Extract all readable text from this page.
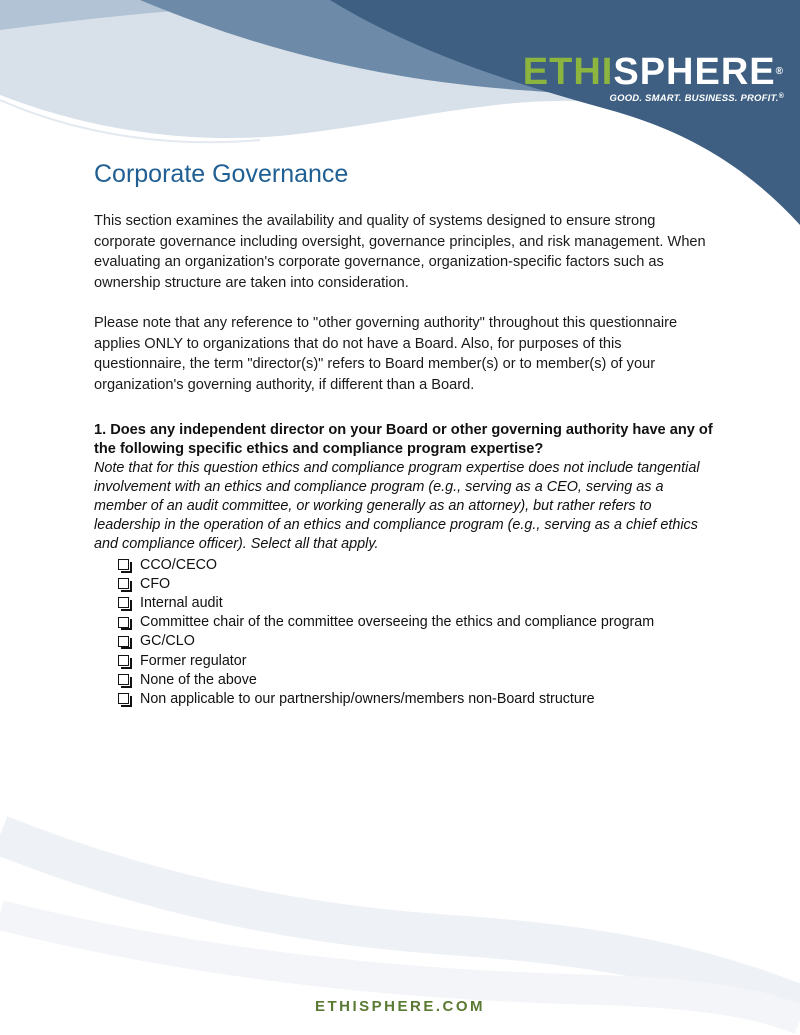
ETHISPHERE®
GOOD. SMART. BUSINESS. PROFIT.®
Corporate Governance

This section examines the availability and quality of systems designed to ensure strong corporate governance including oversight, governance principles, and risk management. When evaluating an organization's corporate governance, organization-specific factors such as ownership structure are taken into consideration.

Please note that any reference to "other governing authority" throughout this questionnaire applies ONLY to organizations that do not have a Board. Also, for purposes of this questionnaire, the term "director(s)" refers to Board member(s) or to member(s) of your organization's governing authority, if different than a Board.

1. Does any independent director on your Board or other governing authority have any of the following specific ethics and compliance program expertise?

Note that for this question ethics and compliance program expertise does not include tangential involvement with an ethics and compliance program (e.g., serving as a CEO, serving as a member of an audit committee, or working generally as an attorney), but rather refers to leadership in the operation of an ethics and compliance program (e.g., serving as a chief ethics and compliance officer). Select all that apply.

CCO/CECO
CFO
Internal audit
Committee chair of the committee overseeing the ethics and compliance program
GC/CLO
Former regulator
None of the above
Non applicable to our partnership/owners/members non-Board structure
ETHISPHERE.COM
